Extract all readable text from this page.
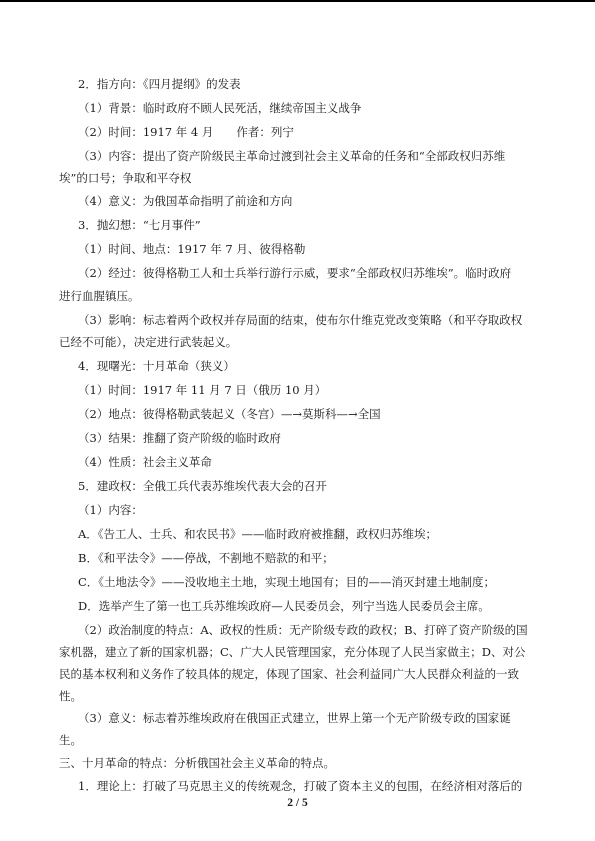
2．指方向：《四月提纲》的发表
（1）背景：临时政府不顾人民死活，继续帝国主义战争
（2）时间：1917 年 4 月　　作者：列宁
（3）内容：提出了资产阶级民主革命过渡到社会主义革命的任务和“全部政权归苏维
埃”的口号；争取和平夺权
（4）意义：为俄国革命指明了前途和方向
3．抛幻想：“七月事件”
（1）时间、地点：1917 年 7 月、彼得格勒
（2）经过：彼得格勒工人和士兵举行游行示威，要求“全部政权归苏维埃”。临时政府
进行血腥镇压。
（3）影响：标志着两个政权并存局面的结束，使布尔什维克党改变策略（和平夺取政权
已经不可能），决定进行武装起义。
4．现曙光：十月革命（狭义）
（1）时间：1917 年 11 月 7 日（俄历 10 月）
（2）地点：彼得格勒武装起义（冬宫）—→莫斯科—→全国
（3）结果：推翻了资产阶级的临时政府
（4）性质：社会主义革命
5．建政权：全俄工兵代表苏维埃代表大会的召开
（1）内容：
A．《告工人、士兵、和农民书》——临时政府被推翻，政权归苏维埃；
B．《和平法令》——停战，不割地不赔款的和平；
C．《土地法令》——没收地主土地，实现土地国有；目的——消灭封建土地制度；
D．选举产生了第一也工兵苏维埃政府—人民委员会，列宁当选人民委员会主席。
（2）政治制度的特点：A、政权的性质：无产阶级专政的政权；B、打碎了资产阶级的国
家机器，建立了新的国家机器；C、广大人民管理国家，充分体现了人民当家做主；D、对公
民的基本权利和义务作了较具体的规定，体现了国家、社会利益同广大人民群众利益的一致
性。
（3）意义：标志着苏维埃政府在俄国正式建立，世界上第一个无产阶级专政的国家诞
生。
三、十月革命的特点：分析俄国社会主义革命的特点。
1．理论上：打破了马克思主义的传统观念，打破了资本主义的包围，在经济相对落后的
2 / 5
